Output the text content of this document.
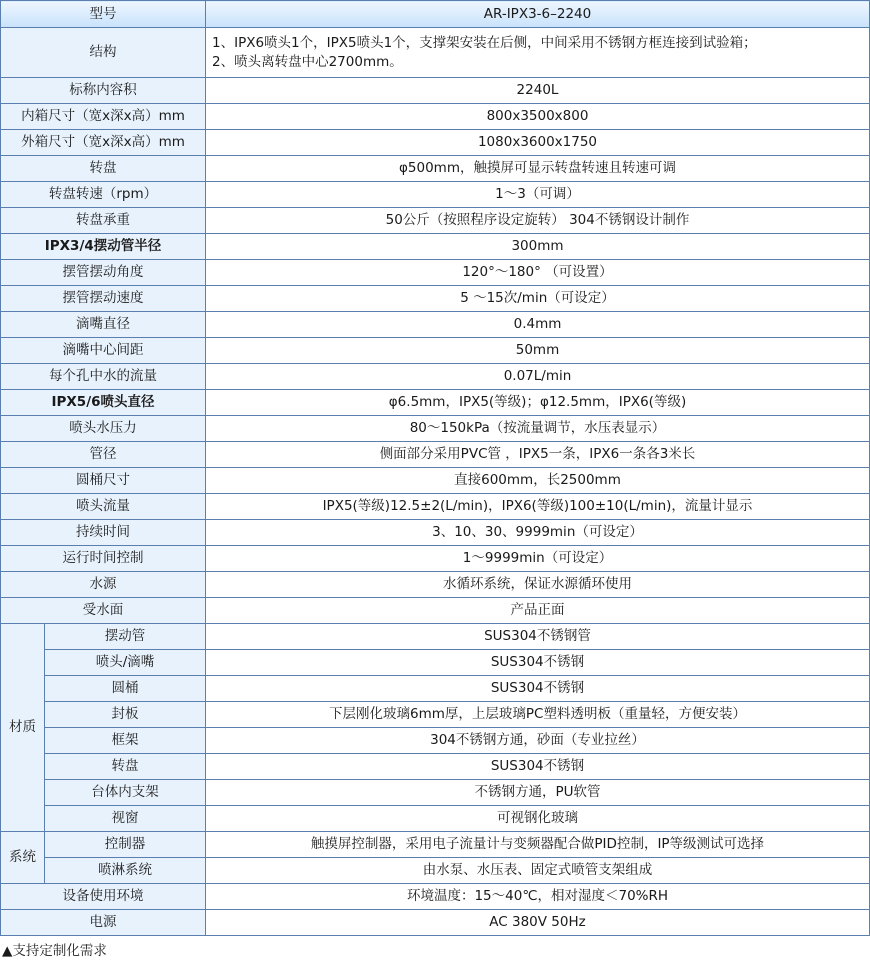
型号		AR-IPX3-6–2240
结构		1、IPX6喷头1个，IPX5喷头1个，支撑架安装在后侧，中间采用不锈钢方框连接到试验箱；
2、喷头离转盘中心2700mm。

标称内容积		2240L
内箱尺寸（宽x深x高）mm		800x3500x800
外箱尺寸（宽x深x高）mm		1080x3600x1750
转盘		φ500mm，触摸屏可显示转盘转速且转速可调
转盘转速（rpm）		1～3（可调）
转盘承重		50公斤（按照程序设定旋转） 304不锈钢设计制作
IPX3/4摆动管半径		300mm
摆管摆动角度		120°～180° （可设置）
摆管摆动速度		5 ～15次/min（可设定）
滴嘴直径		0.4mm
滴嘴中心间距		50mm
每个孔中水的流量		0.07L/min
IPX5/6喷头直径		φ6.5mm，IPX5(等级)；φ12.5mm，IPX6(等级)
喷头水压力		80～150kPa（按流量调节，水压表显示）
管径		侧面部分采用PVC管 ，IPX5一条，IPX6一条各3米长
圆桶尺寸		直接600mm，长2500mm
喷头流量		IPX5(等级)12.5±2(L/min)，IPX6(等级)100±10(L/min)，流量计显示
持续时间		3、10、30、9999min（可设定）
运行时间控制		1～9999min（可设定）
水源		水循环系统，保证水源循环使用
受水面		产品正面
材质	摆动管	SUS304不锈钢管
	喷头/滴嘴	SUS304不锈钢
	圆桶	SUS304不锈钢
	封板	下层刚化玻璃6mm厚，上层玻璃PC塑料透明板（重量轻，方便安装）
	框架	304不锈钢方通，砂面（专业拉丝）
	转盘	SUS304不锈钢
	台体内支架	不锈钢方通，PU软管
	视窗	可视钢化玻璃
系统	控制器	触摸屏控制器，采用电子流量计与变频器配合做PID控制，IP等级测试可选择
	喷淋系统	由水泵、水压表、固定式喷管支架组成
设备使用环境		环境温度：15～40℃，相对湿度＜70%RH
电源		AC 380V 50Hz
▲支持定制化需求
